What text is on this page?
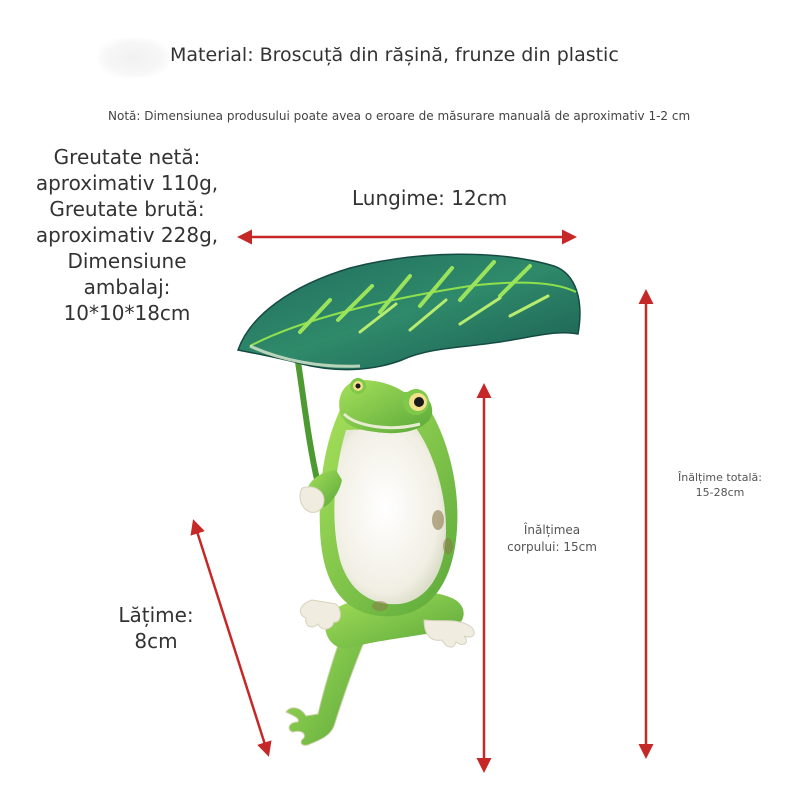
Material: Broscuță din rășină, frunze din plastic
Notă: Dimensiunea produsului poate avea o eroare de măsurare manuală de aproximativ 1-2 cm
Greutate netă:
aproximativ 110g,
Greutate brută:
aproximativ 228g,
Dimensiune
ambalaj:
10*10*18cm
Lungime: 12cm
Lățime:
8cm
Înălțimea
corpului: 15cm
Înălțime totală:
15-28cm
